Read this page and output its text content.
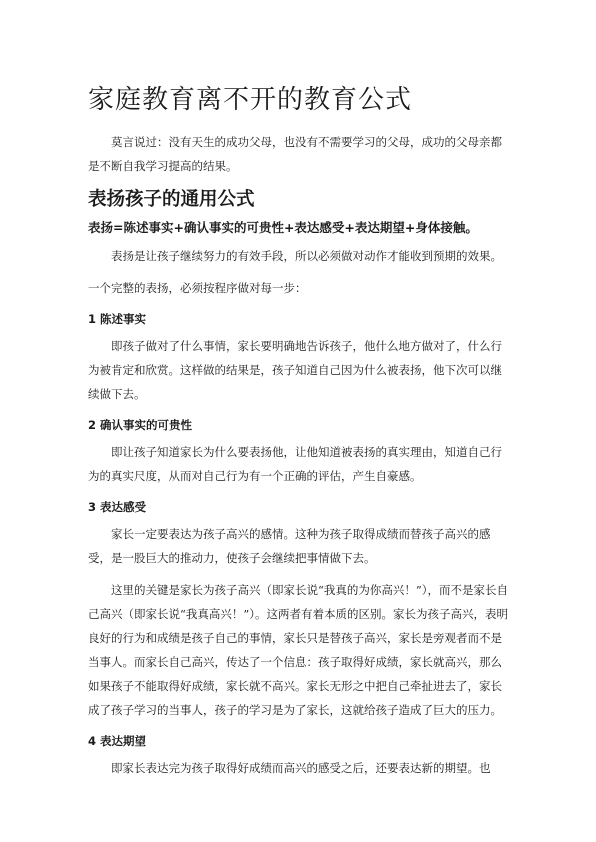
家庭教育离不开的教育公式

莫言说过：没有天生的成功父母，也没有不需要学习的父母，成功的父母亲都是不断自我学习提高的结果。

表扬孩子的通用公式
表扬=陈述事实+确认事实的可贵性+表达感受+表达期望+身体接触。

表扬是让孩子继续努力的有效手段，所以必须做对动作才能收到预期的效果。

一个完整的表扬，必须按程序做对每一步：

1 陈述事实

即孩子做对了什么事情，家长要明确地告诉孩子，他什么地方做对了，什么行为被肯定和欣赏。这样做的结果是，孩子知道自己因为什么被表扬，他下次可以继续做下去。

2 确认事实的可贵性

即让孩子知道家长为什么要表扬他，让他知道被表扬的真实理由，知道自己行为的真实尺度，从而对自己行为有一个正确的评估，产生自豪感。

3 表达感受

家长一定要表达为孩子高兴的感情。这种为孩子取得成绩而替孩子高兴的感受，是一股巨大的推动力，使孩子会继续把事情做下去。

这里的关键是家长为孩子高兴（即家长说“我真的为你高兴！”），而不是家长自己高兴（即家长说“我真高兴！”）。这两者有着本质的区别。家长为孩子高兴，表明良好的行为和成绩是孩子自己的事情，家长只是替孩子高兴，家长是旁观者而不是当事人。而家长自己高兴，传达了一个信息：孩子取得好成绩，家长就高兴，那么如果孩子不能取得好成绩，家长就不高兴。家长无形之中把自己牵扯进去了，家长成了孩子学习的当事人，孩子的学习是为了家长，这就给孩子造成了巨大的压力。

4 表达期望

即家长表达完为孩子取得好成绩而高兴的感受之后，还要表达新的期望。也
